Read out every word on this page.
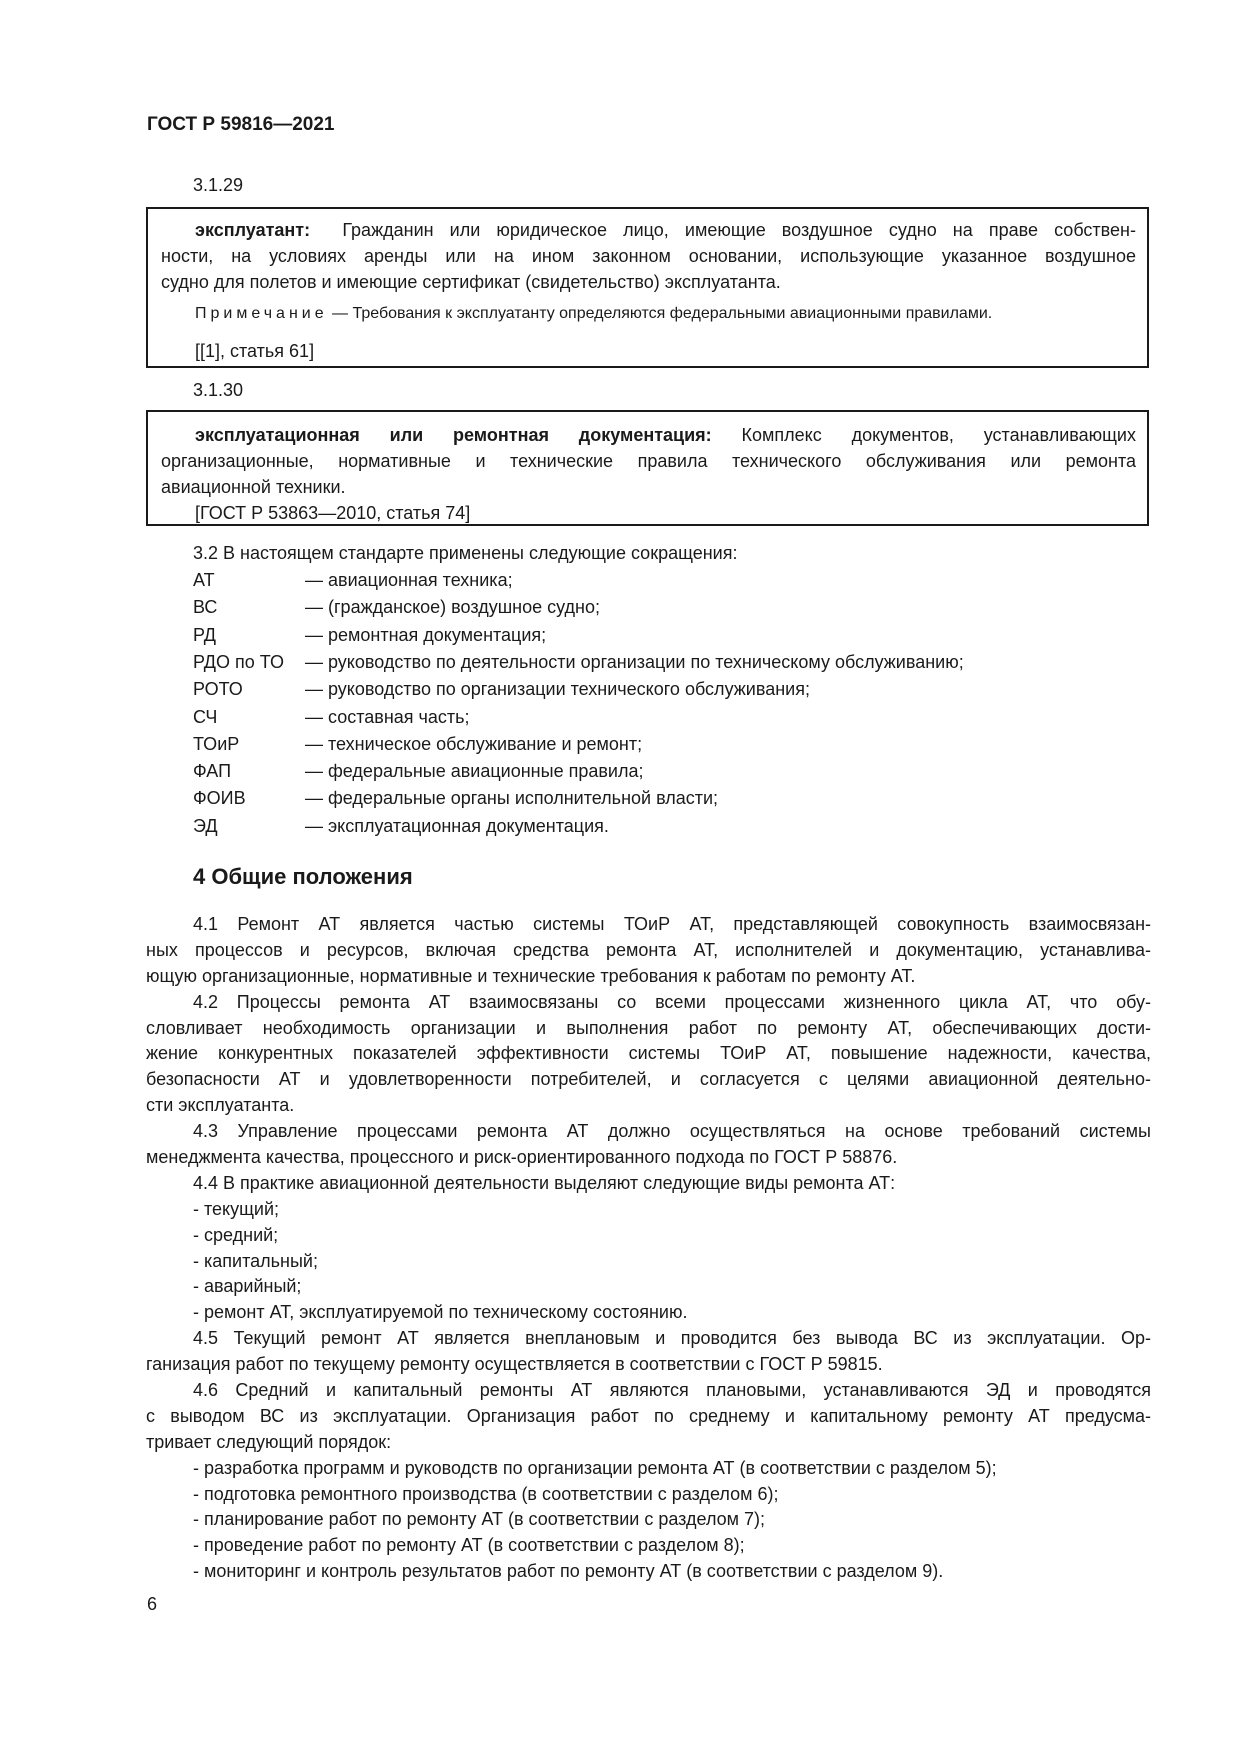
ГОСТ Р 59816—2021
3.1.29
эксплуатант: Гражданин или юридическое лицо, имеющие воздушное судно на праве собствен-
ности, на условиях аренды или на ином законном основании, использующие указанное воздушное
судно для полетов и имеющие сертификат (свидетельство) эксплуатанта.
Примечание — Требования к эксплуатанту определяются федеральными авиационными правилами.
[[1], статья 61]
3.1.30
эксплуатационная или ремонтная документация: Комплекс документов, устанавливающих
организационные, нормативные и технические правила технического обслуживания или ремонта
авиационной техники.
[ГОСТ Р 53863—2010, статья 74]
3.2 В настоящем стандарте применены следующие сокращения:
АТ	— авиационная техника;
ВС	— (гражданское) воздушное судно;
РД	— ремонтная документация;
РДО по ТО — руководство по деятельности организации по техническому обслуживанию;
РОТО	— руководство по организации технического обслуживания;
СЧ	— составная часть;
ТОиР	— техническое обслуживание и ремонт;
ФАП	— федеральные авиационные правила;
ФОИВ	— федеральные органы исполнительной власти;
ЭД	— эксплуатационная документация.
4 Общие положения
4.1 Ремонт АТ является частью системы ТОиР АТ, представляющей совокупность взаимосвязан-
ных процессов и ресурсов, включая средства ремонта АТ, исполнителей и документацию, устанавлива-
ющую организационные, нормативные и технические требования к работам по ремонту АТ.
4.2 Процессы ремонта АТ взаимосвязаны со всеми процессами жизненного цикла АТ, что обу-
словливает необходимость организации и выполнения работ по ремонту АТ, обеспечивающих дости-
жение конкурентных показателей эффективности системы ТОиР АТ, повышение надежности, качества,
безопасности АТ и удовлетворенности потребителей, и согласуется с целями авиационной деятельно-
сти эксплуатанта.
4.3 Управление процессами ремонта АТ должно осуществляться на основе требований системы
менеджмента качества, процессного и риск-ориентированного подхода по ГОСТ Р 58876.
4.4 В практике авиационной деятельности выделяют следующие виды ремонта АТ:
- текущий;
- средний;
- капитальный;
- аварийный;
- ремонт АТ, эксплуатируемой по техническому состоянию.
4.5 Текущий ремонт АТ является внеплановым и проводится без вывода ВС из эксплуатации. Ор-
ганизация работ по текущему ремонту осуществляется в соответствии с ГОСТ Р 59815.
4.6 Средний и капитальный ремонты АТ являются плановыми, устанавливаются ЭД и проводятся
с выводом ВС из эксплуатации. Организация работ по среднему и капитальному ремонту АТ предусма-
тривает следующий порядок:
- разработка программ и руководств по организации ремонта АТ (в соответствии с разделом 5);
- подготовка ремонтного производства (в соответствии с разделом 6);
- планирование работ по ремонту АТ (в соответствии с разделом 7);
- проведение работ по ремонту АТ (в соответствии с разделом 8);
- мониторинг и контроль результатов работ по ремонту АТ (в соответствии с разделом 9).
6
